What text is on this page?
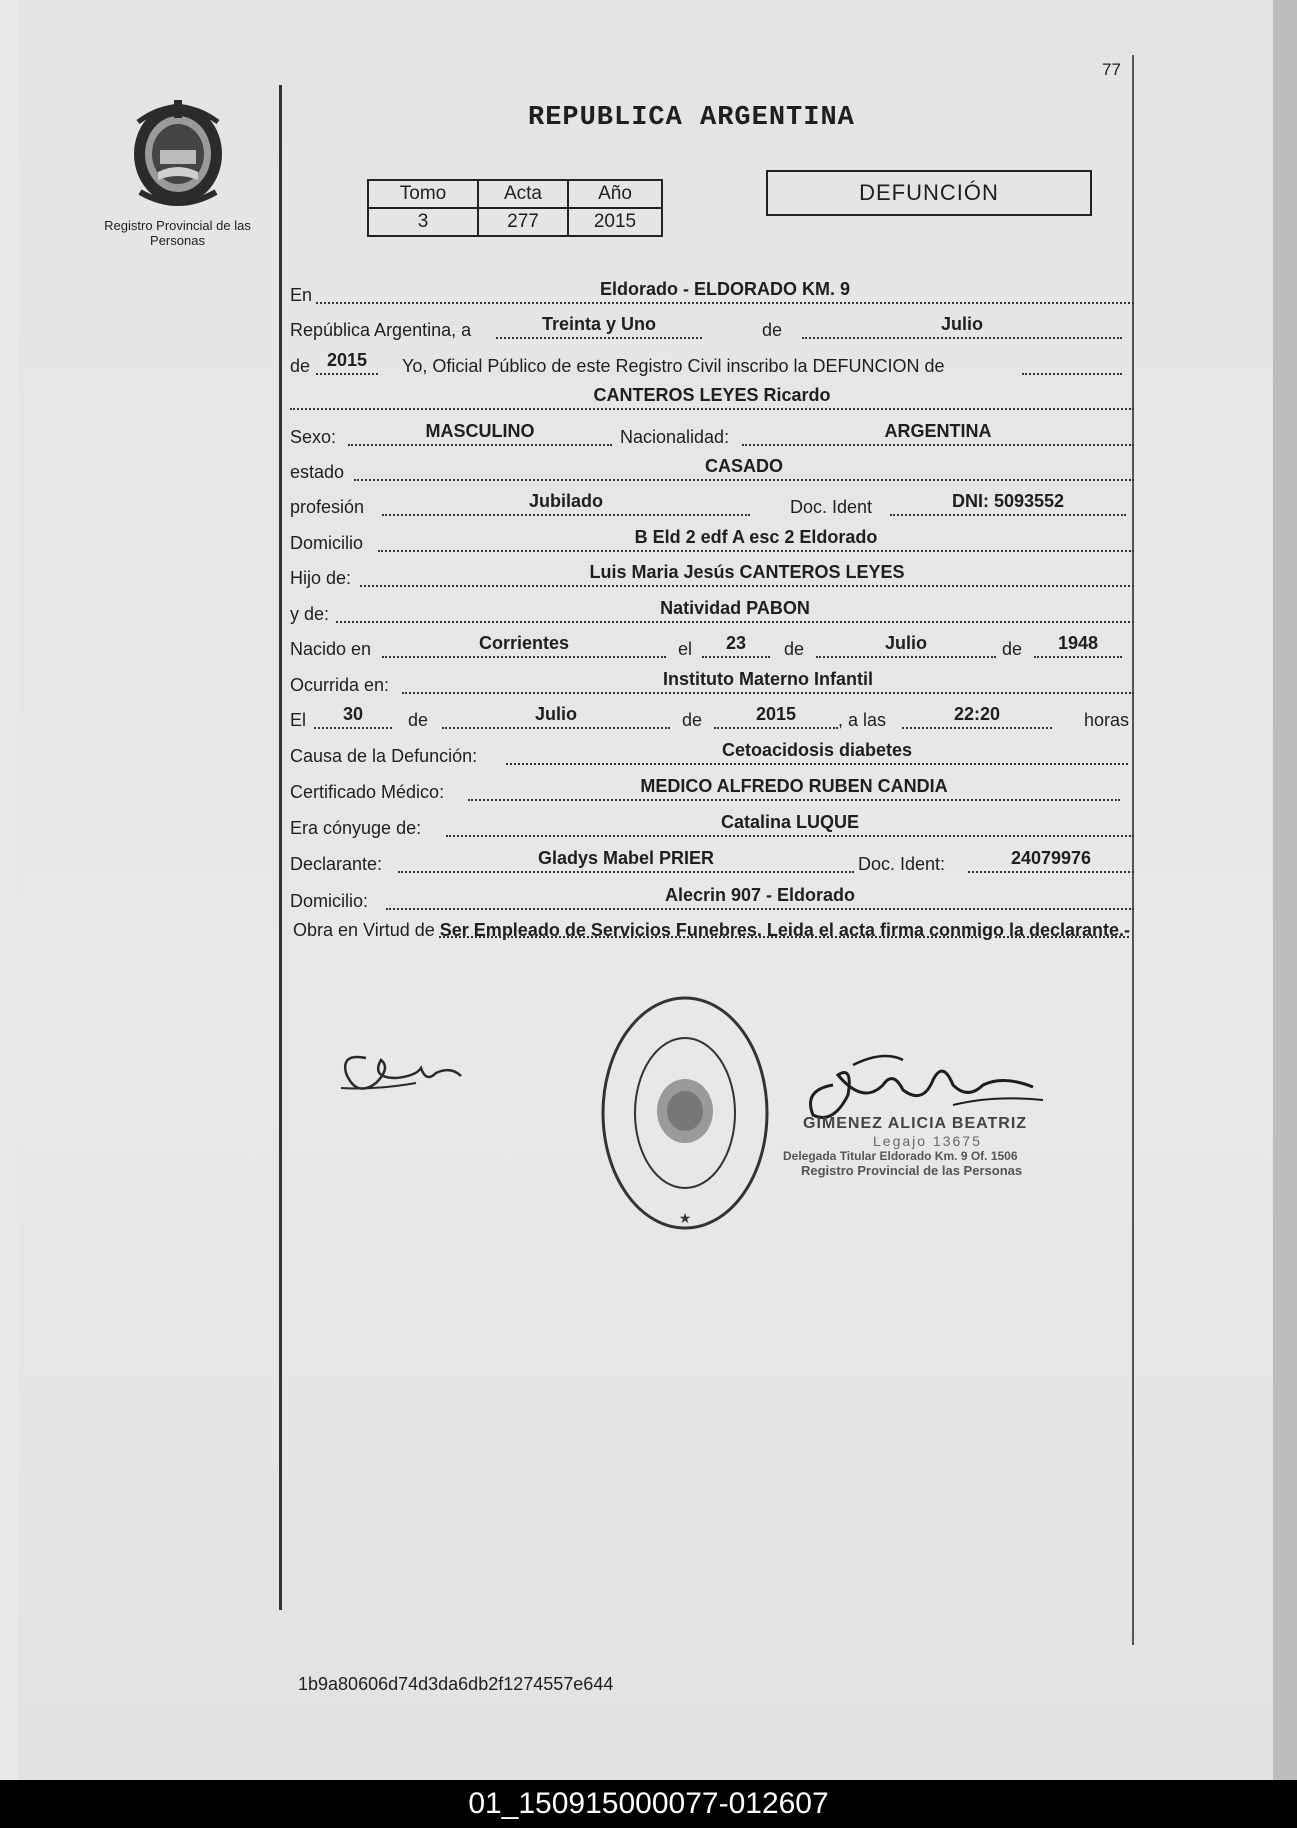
77
Registro Provincial de las Personas
REPUBLICA ARGENTINA
Tomo	Acta	Año
3	277	2015
DEFUNCIÓN
En	Eldorado - ELDORADO KM. 9
República Argentina, a	Treinta y Uno	de	Julio
de 2015	Yo, Oficial Público de este Registro Civil inscribo la DEFUNCION de
CANTEROS LEYES Ricardo
Sexo:	MASCULINO	Nacionalidad:	ARGENTINA
estado	CASADO
profesión	Jubilado	Doc. Ident	DNI: 5093552
Domicilio	B Eld 2 edf A esc 2 Eldorado
Hijo de:	Luis Maria Jesús CANTEROS LEYES
y de:	Natividad PABON
Nacido en	Corrientes	el	23	de	Julio	de	1948
Ocurrida en:	Instituto Materno Infantil
El	30	de	Julio	de	2015	, a las	22:20	horas
Causa de la Defunción:	Cetoacidosis diabetes
Certificado Médico:	MEDICO ALFREDO RUBEN CANDIA
Era cónyuge de:	Catalina LUQUE
Declarante:	Gladys Mabel PRIER	Doc. Ident:	24079976
Domicilio:	Alecrin 907 - Eldorado
Obra en Virtud de Ser Empleado de Servicios Funebres. Leida el acta firma conmigo la declarante.-
★
GIMENEZ ALICIA BEATRIZ
Legajo 13675
Delegada Titular Eldorado Km. 9 Of. 1506
Registro Provincial de las Personas
1b9a80606d74d3da6db2f1274557e644
01_150915000077-012607
